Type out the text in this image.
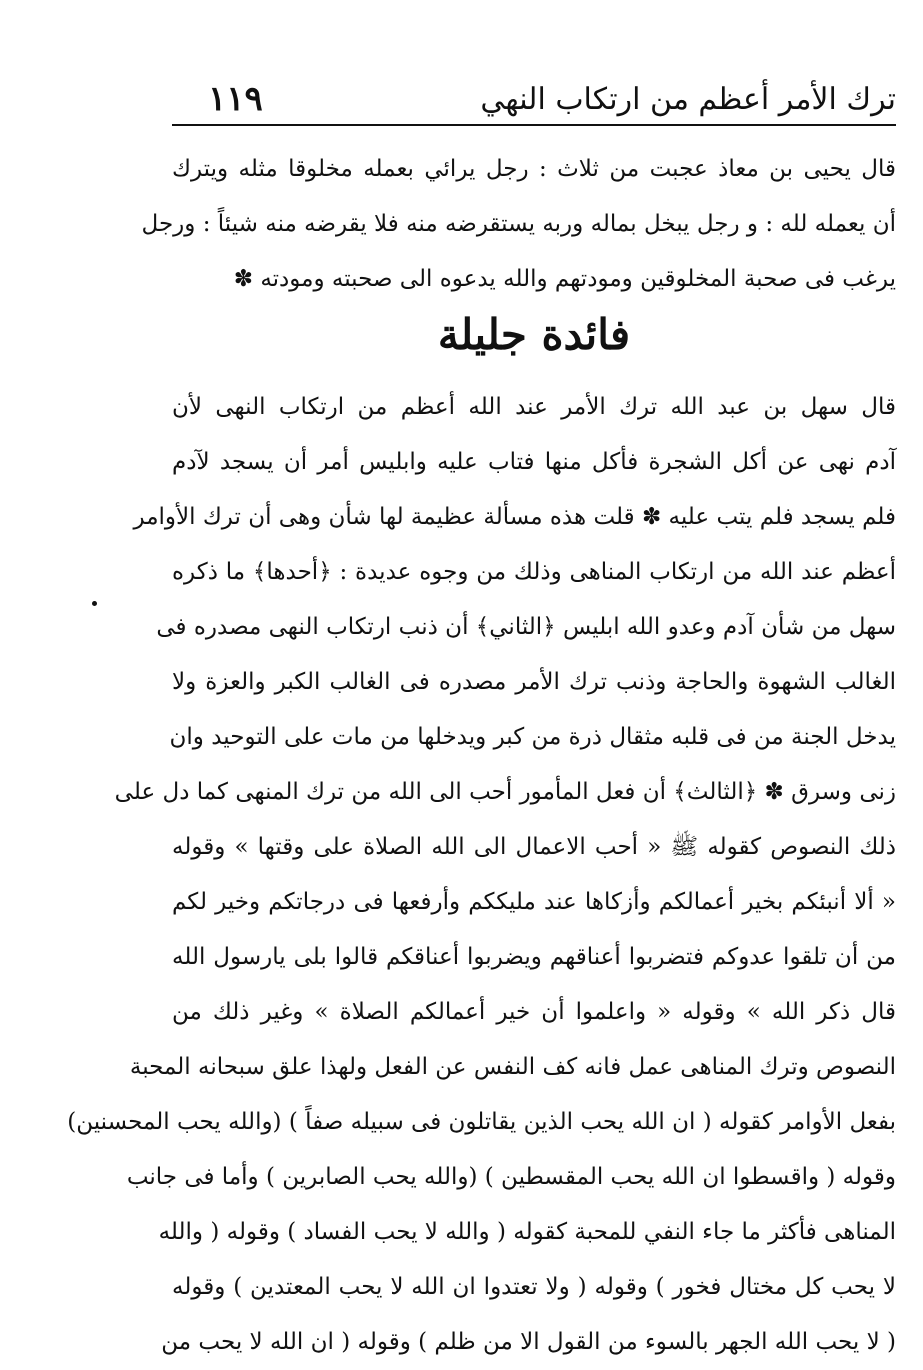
ترك الأمر أعظم من ارتكاب النهي
١١٩
قال يحيى بن معاذ عجبت من ثلاث : رجل يرائي بعمله مخلوقا مثله ويترك
أن يعمله لله : و رجل يبخل بماله وربه يستقرضه منه فلا يقرضه منه شيئاً : ورجل
يرغب فى صحبة المخلوقين ومودتهم والله يدعوه الى صحبته ومودته ✽
فائدة جليلة
قال سهل بن عبد الله ترك الأمر عند الله أعظم من ارتكاب النهى لأن
آدم نهى عن أكل الشجرة فأكل منها فتاب عليه وابليس أمر أن يسجد لآدم
فلم يسجد فلم يتب عليه ✽ قلت هذه مسألة عظيمة لها شأن وهى أن ترك الأوامر
أعظم عند الله من ارتكاب المناهى وذلك من وجوه عديدة : ﴿أحدها﴾ ما ذكره
سهل من شأن آدم وعدو الله ابليس ﴿الثاني﴾ أن ذنب ارتكاب النهى مصدره فى
الغالب الشهوة والحاجة وذنب ترك الأمر مصدره فى الغالب الكبر والعزة ولا
يدخل الجنة من فى قلبه مثقال ذرة من كبر ويدخلها من مات على التوحيد وان
زنى وسرق ✽ ﴿الثالث﴾ أن فعل المأمور أحب الى الله من ترك المنهى كما دل على
ذلك النصوص كقوله ﷺ « أحب الاعمال الى الله الصلاة على وقتها » وقوله
« ألا أنبئكم بخير أعمالكم وأزكاها عند مليككم وأرفعها فى درجاتكم وخير لكم
من أن تلقوا عدوكم فتضربوا أعناقهم ويضربوا أعناقكم قالوا بلى يارسول الله
قال ذكر الله » وقوله « واعلموا أن خير أعمالكم الصلاة » وغير ذلك من
النصوص وترك المناهى عمل فانه كف النفس عن الفعل ولهذا علق سبحانه المحبة
بفعل الأوامر كقوله ( ان الله يحب الذين يقاتلون فى سبيله صفاً ) (والله يحب المحسنين)
وقوله ( واقسطوا ان الله يحب المقسطين ) (والله يحب الصابرين ) وأما فى جانب
المناهى فأكثر ما جاء النفي للمحبة كقوله ( والله لا يحب الفساد ) وقوله ( والله
لا يحب كل مختال فخور ) وقوله ( ولا تعتدوا ان الله لا يحب المعتدين ) وقوله
( لا يحب الله الجهر بالسوء من القول الا من ظلم ) وقوله ( ان الله لا يحب من
